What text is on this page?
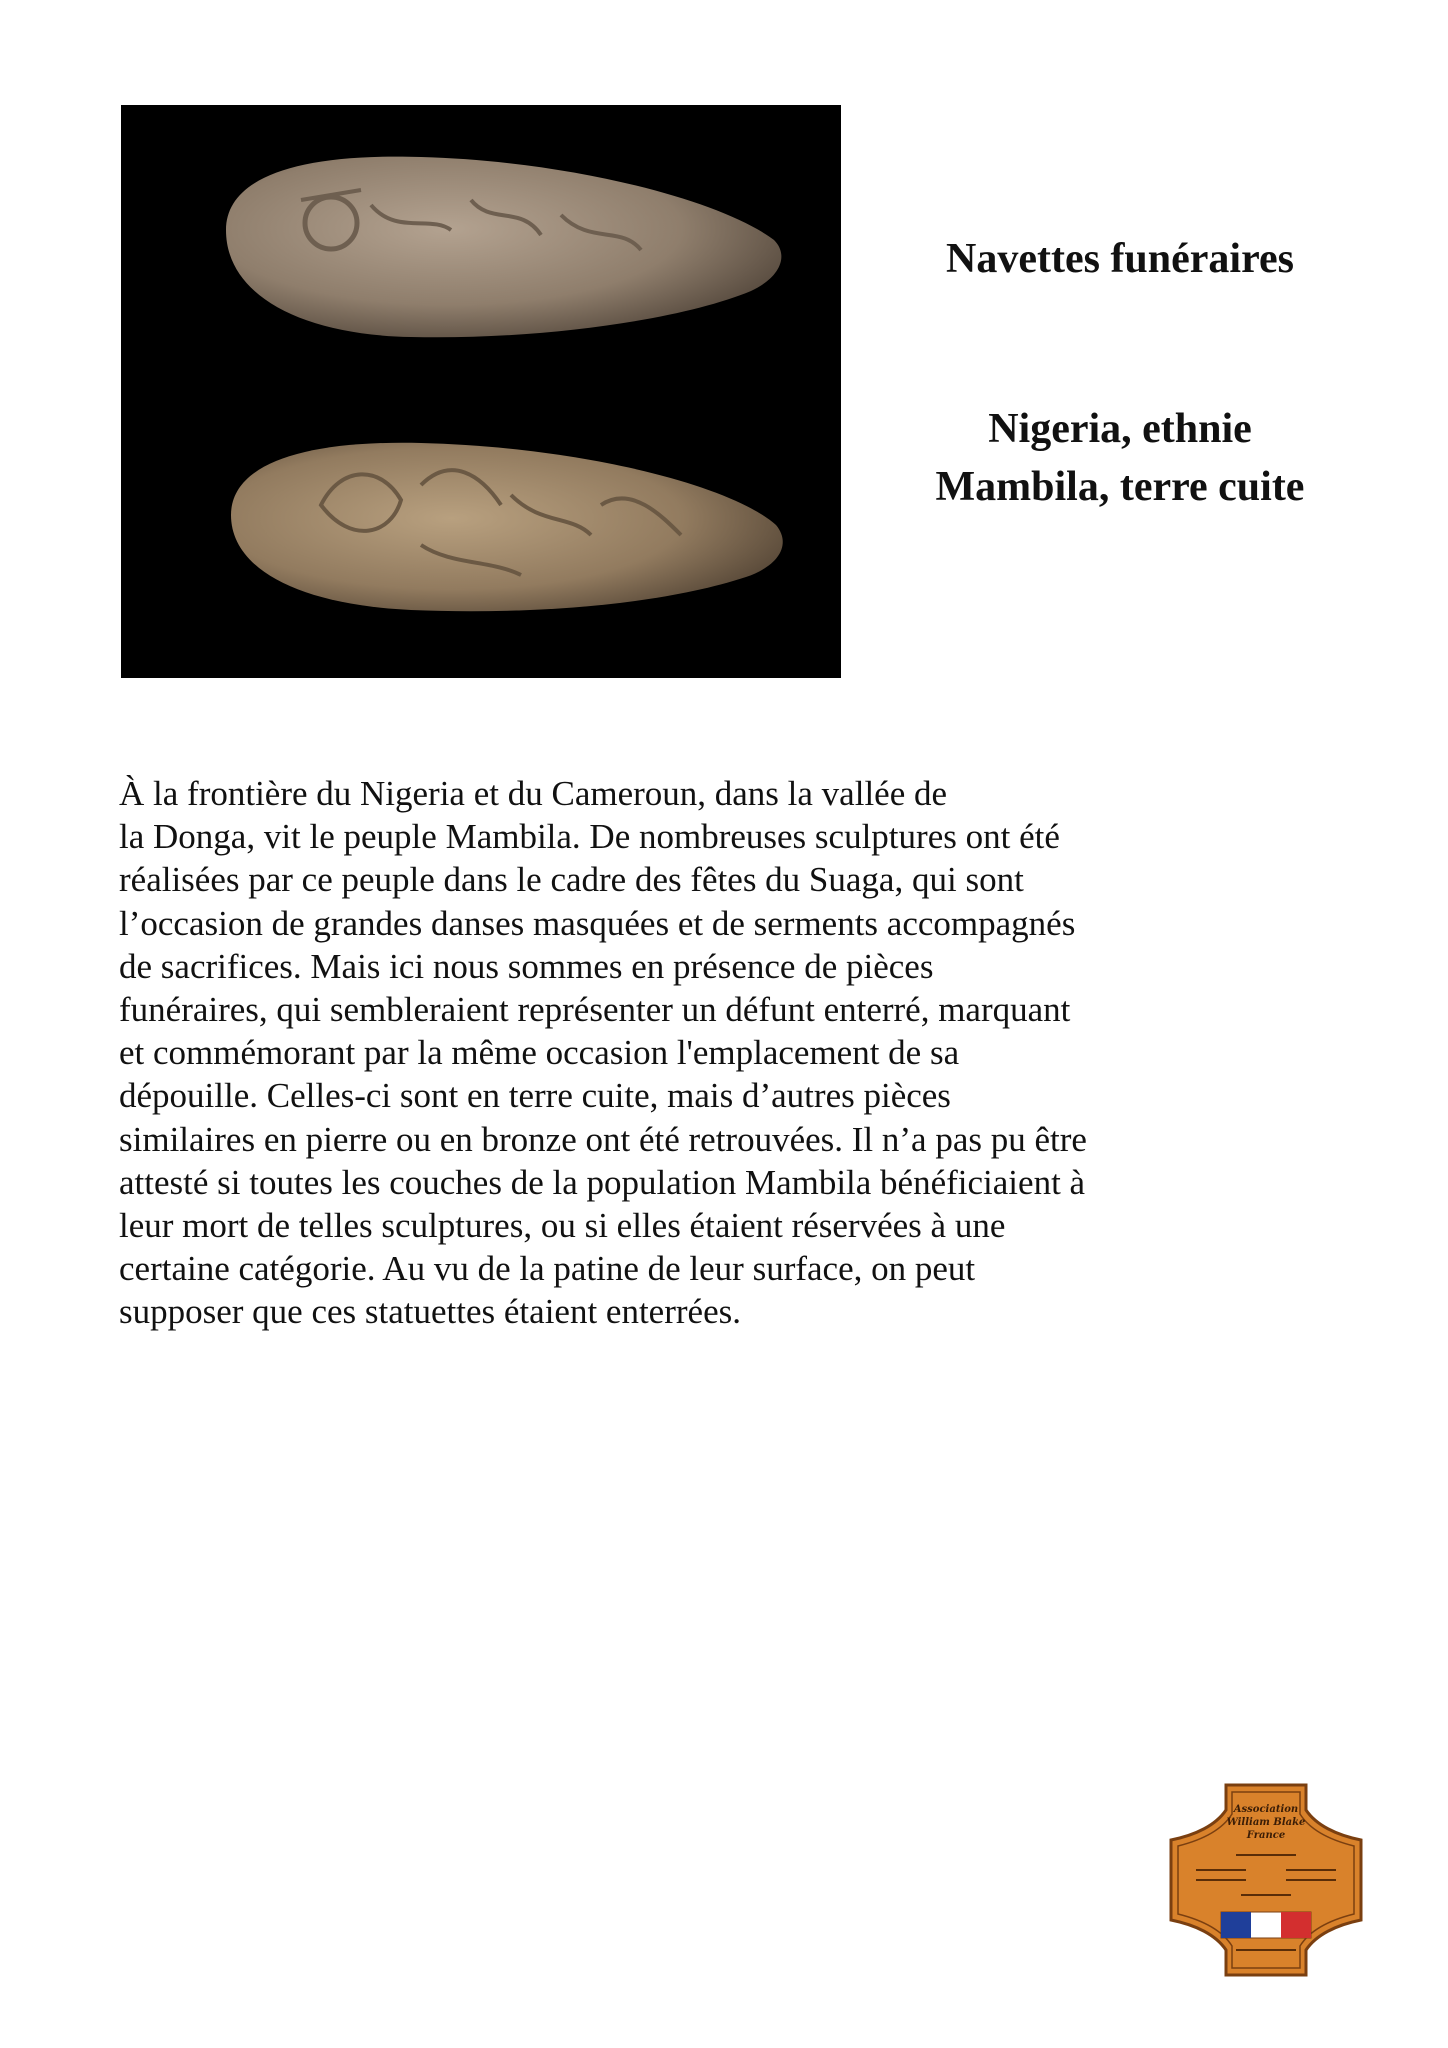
Navettes funéraires
Nigeria, ethnie
Mambila, terre cuite

À la frontière du Nigeria et du Cameroun, dans la vallée de
la Donga, vit le peuple Mambila. De nombreuses sculptures ont été
réalisées par ce peuple dans le cadre des fêtes du Suaga, qui sont
l’occasion de grandes danses masquées et de serments accompagnés
de sacrifices. Mais ici nous sommes en présence de pièces
funéraires, qui sembleraient représenter un défunt enterré, marquant
et commémorant par la même occasion l'emplacement de sa
dépouille. Celles-ci sont en terre cuite, mais d’autres pièces
similaires en pierre ou en bronze ont été retrouvées. Il n’a pas pu être
attesté si toutes les couches de la population Mambila bénéficiaient à
leur mort de telles sculptures, ou si elles étaient réservées à une
certaine catégorie. Au vu de la patine de leur surface, on peut
supposer que ces statuettes étaient enterrées.

Association
William Blake
France
